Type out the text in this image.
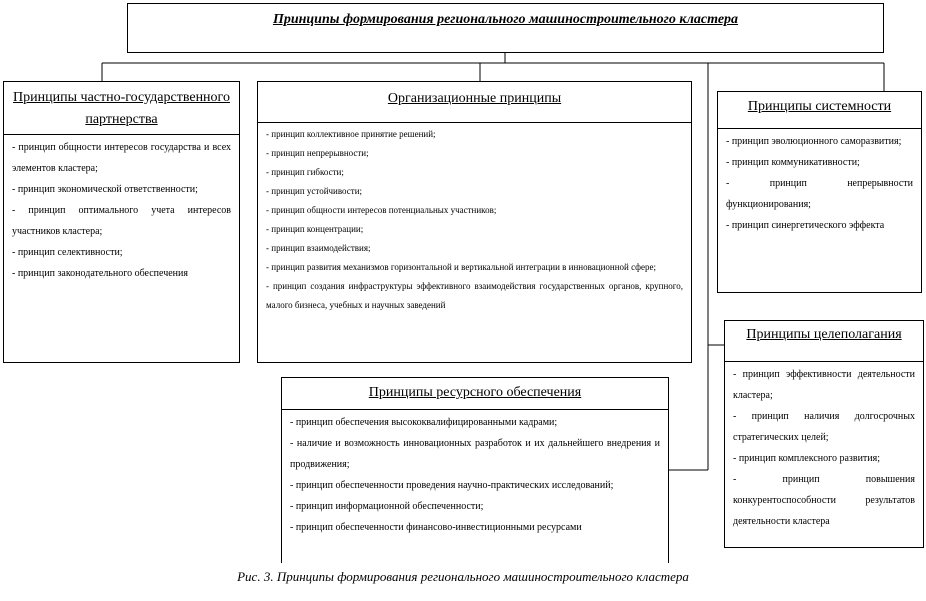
Принципы формирования регионального машиностроительного кластера
Принципы частно-государственного партнерства
- принцип общности интересов государства и всех элементов кластера;
- принцип экономической ответственности;
- принцип оптимального учета интересов участников кластера;
- принцип селективности;
- принцип законодательного обеспечения
Организационные принципы
- принцип коллективное принятие решений;
- принцип непрерывности;
- принцип гибкости;
- принцип устойчивости;
- принцип общности интересов потенциальных участников;
- принцип концентрации;
- принцип взаимодействия;
- принцип развития механизмов горизонтальной и вертикальной интеграции в инновационной сфере;
- принцип создания инфраструктуры эффективного взаимодействия государственных органов, крупного, малого бизнеса, учебных и научных заведений
Принципы системности
- принцип эволюционного саморазвития;
- принцип коммуникативности;
- принцип непрерывности функционирования;
- принцип синергетического эффекта
Принципы целеполагания
- принцип эффективности деятельности кластера;
- принцип наличия долгосрочных стратегических целей;
- принцип комплексного развития;
- принцип повышения конкурентоспособности результатов деятельности кластера
Принципы ресурсного обеспечения
- принцип обеспечения высококвалифицированными кадрами;
- наличие и возможность инновационных разработок и их дальнейшего внедрения и продвижения;
- принцип обеспеченности проведения научно-практических исследований;
- принцип информационной обеспеченности;
- принцип обеспеченности финансово-инвестиционными ресурсами
Рис. 3. Принципы формирования регионального машиностроительного кластера
